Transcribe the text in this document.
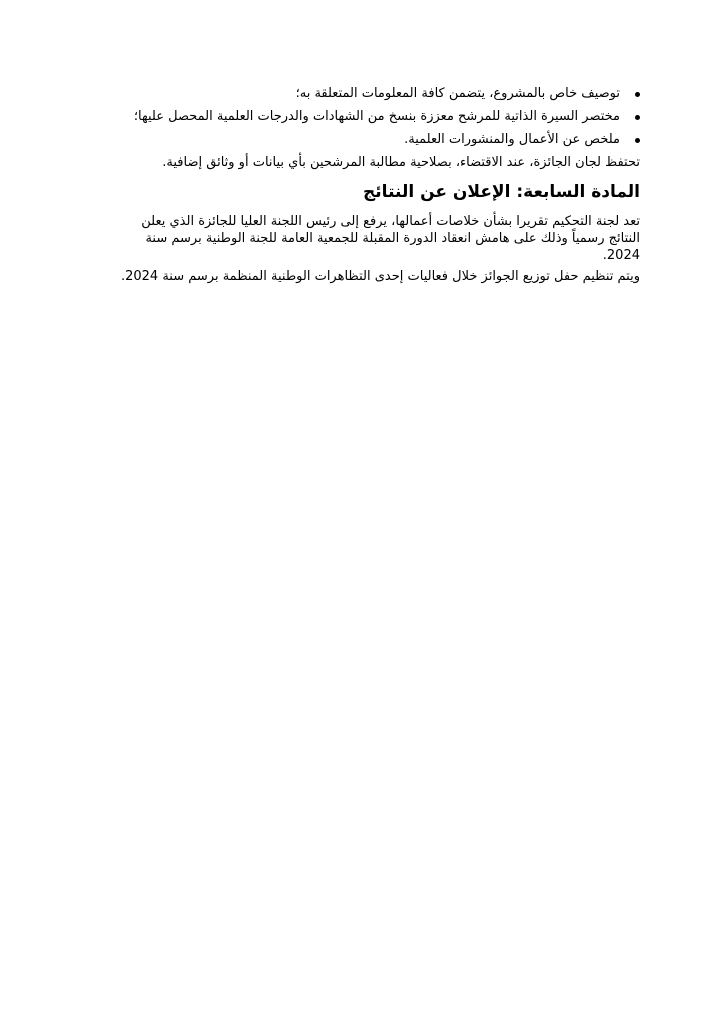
توصيف خاص بالمشروع، يتضمن كافة المعلومات المتعلقة به؛
مختصر السيرة الذاتية للمرشح معززة بنسخ من الشهادات والدرجات العلمية المحصل عليها؛
ملخص عن الأعمال والمنشورات العلمية.

تحتفظ لجان الجائزة، عند الاقتضاء، بصلاحية مطالبة المرشحين بأي بيانات أو وثائق إضافية.

المادة السابعة: الإعلان عن النتائج

تعد لجنة التحكيم تقريرا بشأن خلاصات أعمالها، يرفع إلى رئيس اللجنة العليا للجائزة الذي يعلن النتائج رسمياً وذلك على هامش انعقاد الدورة المقبلة للجمعية العامة للجنة الوطنية برسم سنة 2024.

ويتم تنظيم حفل توزيع الجوائز خلال فعاليات إحدى التظاهرات الوطنية المنظمة برسم سنة 2024.
